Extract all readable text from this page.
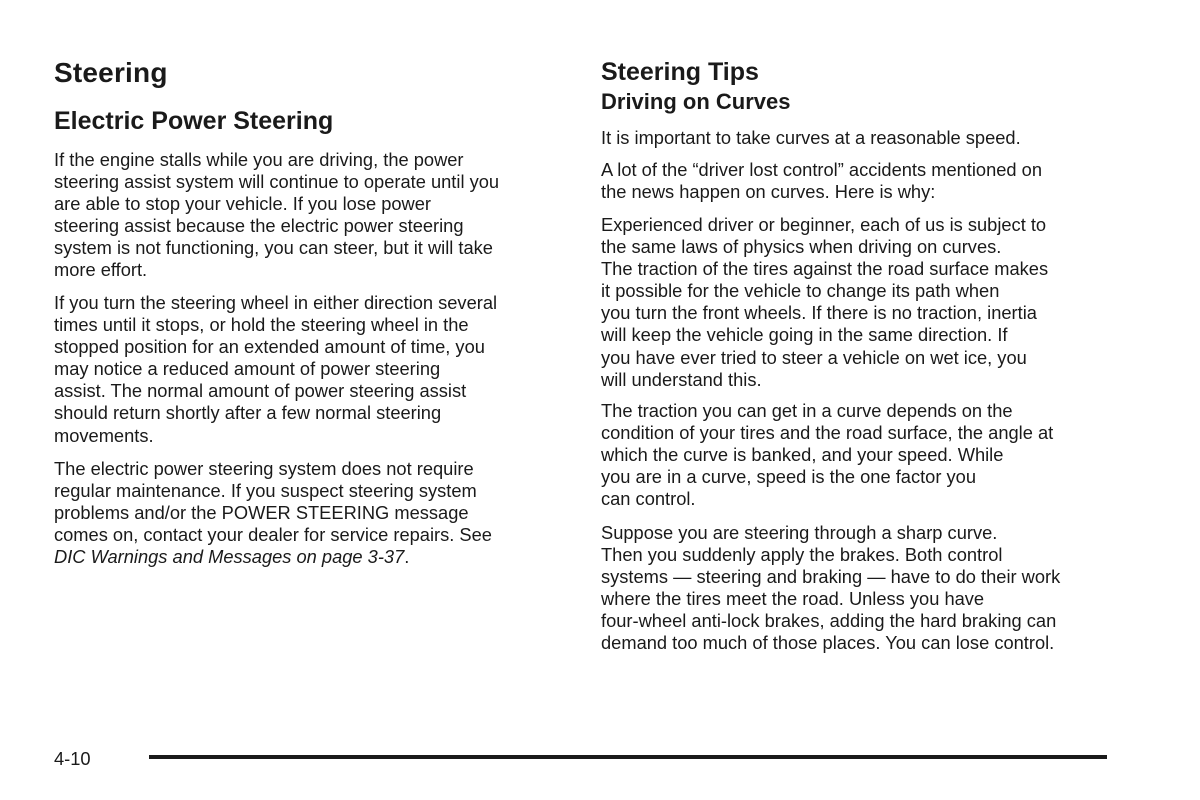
Steering
Electric Power Steering

If the engine stalls while you are driving, the power
steering assist system will continue to operate until you
are able to stop your vehicle. If you lose power
steering assist because the electric power steering
system is not functioning, you can steer, but it will take
more effort.

If you turn the steering wheel in either direction several
times until it stops, or hold the steering wheel in the
stopped position for an extended amount of time, you
may notice a reduced amount of power steering
assist. The normal amount of power steering assist
should return shortly after a few normal steering
movements.

The electric power steering system does not require
regular maintenance. If you suspect steering system
problems and/or the POWER STEERING message
comes on, contact your dealer for service repairs. See
DIC Warnings and Messages on page 3-37.

Steering Tips
Driving on Curves

It is important to take curves at a reasonable speed.

A lot of the “driver lost control” accidents mentioned on
the news happen on curves. Here is why:

Experienced driver or beginner, each of us is subject to
the same laws of physics when driving on curves.
The traction of the tires against the road surface makes
it possible for the vehicle to change its path when
you turn the front wheels. If there is no traction, inertia
will keep the vehicle going in the same direction. If
you have ever tried to steer a vehicle on wet ice, you
will understand this.

The traction you can get in a curve depends on the
condition of your tires and the road surface, the angle at
which the curve is banked, and your speed. While
you are in a curve, speed is the one factor you
can control.

Suppose you are steering through a sharp curve.
Then you suddenly apply the brakes. Both control
systems — steering and braking — have to do their work
where the tires meet the road. Unless you have
four-wheel anti-lock brakes, adding the hard braking can
demand too much of those places. You can lose control.

4-10
